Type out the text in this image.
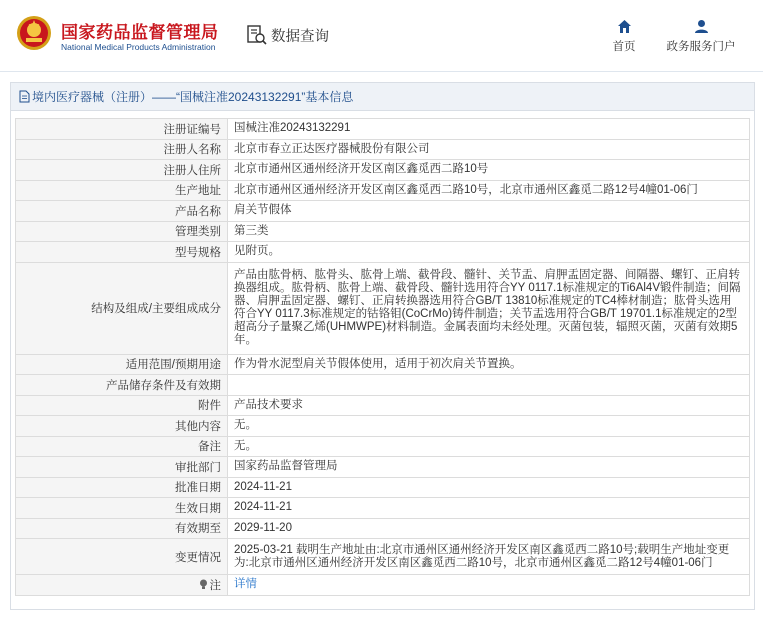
国家药品监督管理局
National Medical Products Administration
数据查询
首页	政务服务门户
境内医疗器械（注册）——“国械注准20243132291”基本信息
注册证编号	国械注准20243132291
注册人名称	北京市春立正达医疗器械股份有限公司
注册人住所	北京市通州区通州经济开发区南区鑫觅西二路10号
生产地址	北京市通州区通州经济开发区南区鑫觅西二路10号，北京市通州区鑫觅二路12号4幢01-06门
产品名称	肩关节假体
管理类别	第三类
型号规格	见附页。
结构及组成/主要组成成分	产品由肱骨柄、肱骨头、肱骨上端、截骨段、髓针、关节盂、肩胛盂固定器、间隔器、螺钉、正肩转换器组成。肱骨柄、肱骨上端、截骨段、髓针选用符合YY 0117.1标准规定的Ti6Al4V锻件制造；间隔器、肩胛盂固定器、螺钉、正肩转换器选用符合GB/T 13810标准规定的TC4棒材制造；肱骨头选用符合YY 0117.3标准规定的钴铬钼(CoCrMo)铸件制造；关节盂选用符合GB/T 19701.1标准规定的2型超高分子量聚乙烯(UHMWPE)材料制造。金属表面均未经处理。灭菌包装，辐照灭菌，灭菌有效期5年。
适用范围/预期用途	作为骨水泥型肩关节假体使用，适用于初次肩关节置换。
产品储存条件及有效期	
附件	产品技术要求
其他内容	无。
备注	无。
审批部门	国家药品监督管理局
批准日期	2024-11-21
生效日期	2024-11-21
有效期至	2029-11-20
变更情况	2025-03-21 载明生产地址由:北京市通州区通州经济开发区南区鑫觅西二路10号;载明生产地址变更为:北京市通州区通州经济开发区南区鑫觅西二路10号，北京市通州区鑫觅二路12号4幢01-06门

注	详情
